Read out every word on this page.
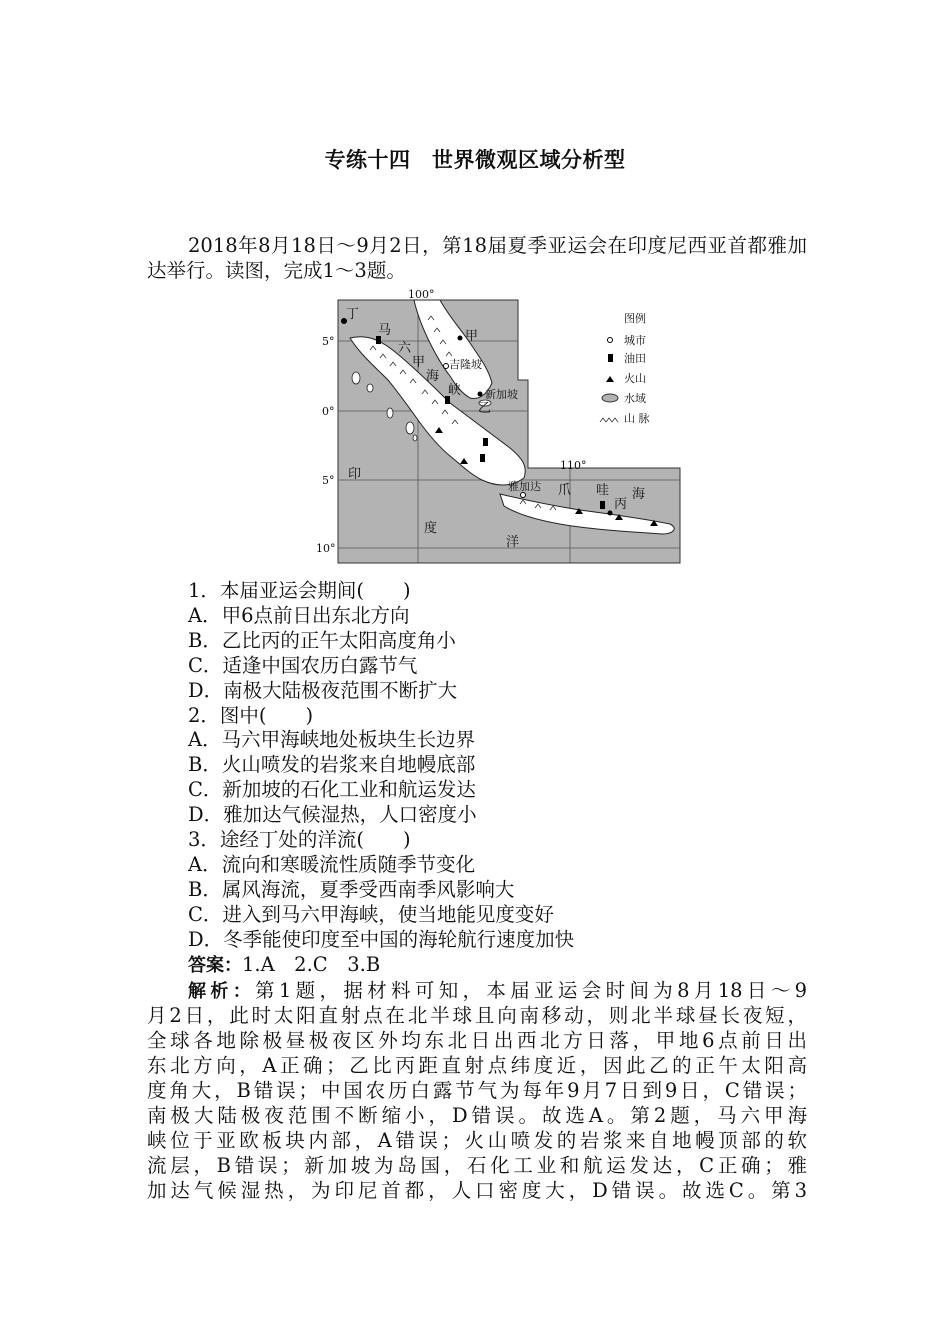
专练十四　世界微观区域分析型

2018年8月18日～9月2日，第18届夏季亚运会在印度尼西亚首都雅加达举行。读图，完成1～3题。

100°
110°
5°
0°
5°
10°
丁
马
六
甲
海
峡
甲
吉隆坡
新加坡
乙
印
度
洋
雅加达 爪 哇
丙
海
图例
城市
油田
火山
水域
山 脉
1．本届亚运会期间(　　)
A．甲6点前日出东北方向
B．乙比丙的正午太阳高度角小
C．适逢中国农历白露节气
D．南极大陆极夜范围不断扩大
2．图中(　　)
A．马六甲海峡地处板块生长边界
B．火山喷发的岩浆来自地幔底部
C．新加坡的石化工业和航运发达
D．雅加达气候湿热，人口密度小
3．途经丁处的洋流(　　)
A．流向和寒暖流性质随季节变化
B．属风海流，夏季受西南季风影响大
C．进入到马六甲海峡，使当地能见度变好
D．冬季能使印度至中国的海轮航行速度加快
答案：1.A　2.C　3.B
解析：第1题，据材料可知，本届亚运会时间为8月18日～9
月2日，此时太阳直射点在北半球且向南移动，则北半球昼长夜短，
全球各地除极昼极夜区外均东北日出西北方日落，甲地6点前日出
东北方向，A正确；乙比丙距直射点纬度近，因此乙的正午太阳高
度角大，B错误；中国农历白露节气为每年9月7日到9日，C错误；
南极大陆极夜范围不断缩小，D错误。故选A。第2题，马六甲海
峡位于亚欧板块内部，A错误；火山喷发的岩浆来自地幔顶部的软
流层，B错误；新加坡为岛国，石化工业和航运发达，C正确；雅
加达气候湿热，为印尼首都，人口密度大，D错误。故选C。第3
